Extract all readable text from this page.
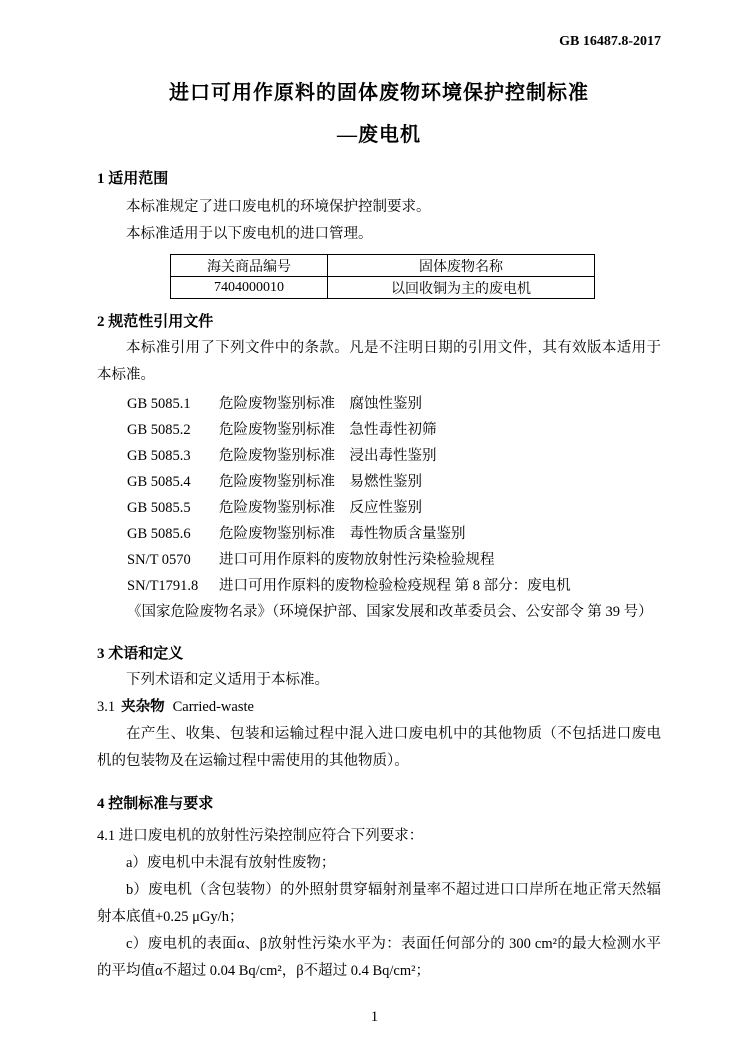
GB 16487.8-2017
进口可用作原料的固体废物环境保护控制标准
—废电机
1 适用范围

本标准规定了进口废电机的环境保护控制要求。

本标准适用于以下废电机的进口管理。

海关商品编号	固体废物名称
7404000010	以回收铜为主的废电机
2 规范性引用文件

本标准引用了下列文件中的条款。凡是不注明日期的引用文件，其有效版本适用于本标准。

GB 5085.1 危险废物鉴别标准　腐蚀性鉴别
GB 5085.2 危险废物鉴别标准　急性毒性初筛
GB 5085.3 危险废物鉴别标准　浸出毒性鉴别
GB 5085.4 危险废物鉴别标准　易燃性鉴别
GB 5085.5 危险废物鉴别标准　反应性鉴别
GB 5085.6 危险废物鉴别标准　毒性物质含量鉴别
SN/T 0570 进口可用作原料的废物放射性污染检验规程
SN/T1791.8 进口可用作原料的废物检验检疫规程 第 8 部分：废电机
《国家危险废物名录》（环境保护部、国家发展和改革委员会、公安部令 第 39 号）
3 术语和定义

下列术语和定义适用于本标准。

3.1 夹杂物 Carried-waste

在产生、收集、包装和运输过程中混入进口废电机中的其他物质（不包括进口废电机的包装物及在运输过程中需使用的其他物质）。

4 控制标准与要求

4.1 进口废电机的放射性污染控制应符合下列要求：

a）废电机中未混有放射性废物；

b）废电机（含包装物）的外照射贯穿辐射剂量率不超过进口口岸所在地正常天然辐射本底值+0.25 μGy/h；

c）废电机的表面α、β放射性污染水平为：表面任何部分的 300 cm²的最大检测水平的平均值α不超过 0.04 Bq/cm²，β不超过 0.4 Bq/cm²；

1
